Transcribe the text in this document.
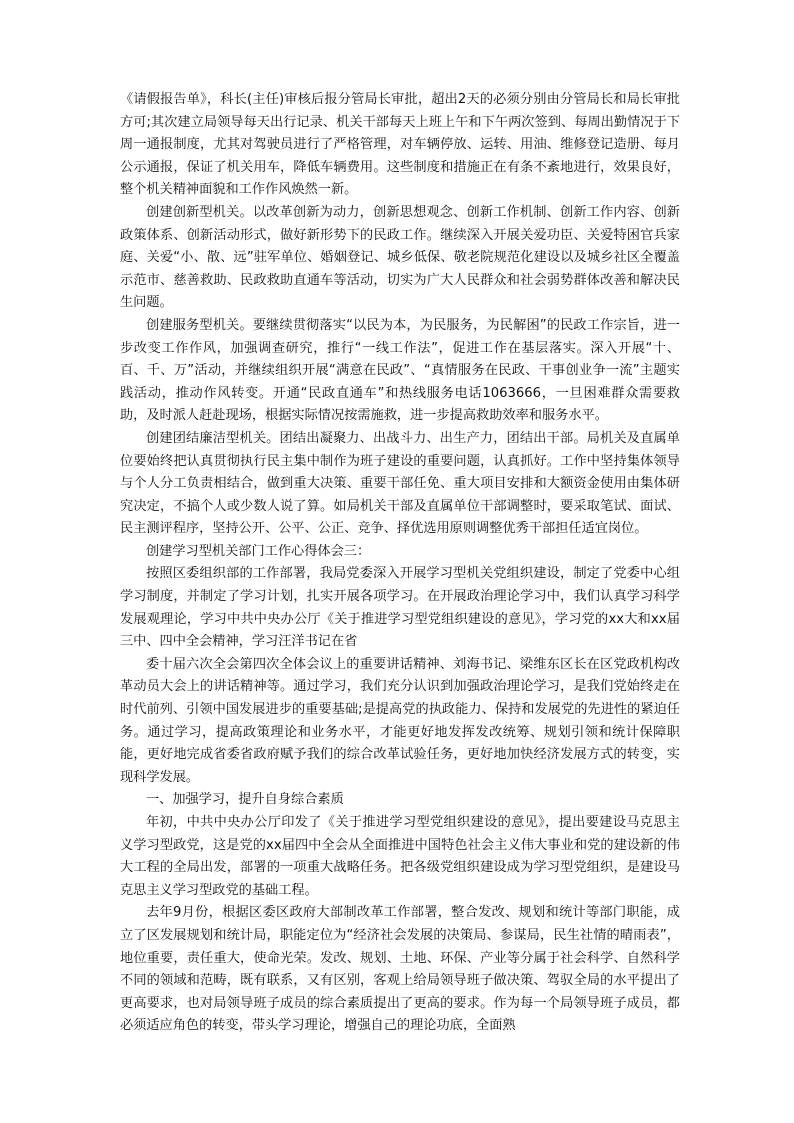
《请假报告单》，科长(主任)审核后报分管局长审批，超出2天的必须分别由分管局长和局长审批方可;其次建立局领导每天出行记录、机关干部每天上班上午和下午两次签到、每周出勤情况于下周一通报制度，尤其对驾驶员进行了严格管理，对车辆停放、运转、用油、维修登记造册、每月公示通报，保证了机关用车，降低车辆费用。这些制度和措施正在有条不紊地进行，效果良好，整个机关精神面貌和工作作风焕然一新。

创建创新型机关。以改革创新为动力，创新思想观念、创新工作机制、创新工作内容、创新政策体系、创新活动形式，做好新形势下的民政工作。继续深入开展关爱功臣、关爱特困官兵家庭、关爱“小、散、远”驻军单位、婚姻登记、城乡低保、敬老院规范化建设以及城乡社区全覆盖示范市、慈善救助、民政救助直通车等活动，切实为广大人民群众和社会弱势群体改善和解决民生问题。

创建服务型机关。要继续贯彻落实“以民为本，为民服务，为民解困”的民政工作宗旨，进一步改变工作作风，加强调查研究，推行“一线工作法”，促进工作在基层落实。深入开展“十、百、千、万”活动，并继续组织开展“满意在民政”、“真情服务在民政、干事创业争一流”主题实践活动，推动作风转变。开通“民政直通车”和热线服务电话1063666，一旦困难群众需要救助，及时派人赶赴现场，根据实际情况按需施救，进一步提高救助效率和服务水平。

创建团结廉洁型机关。团结出凝聚力、出战斗力、出生产力，团结出干部。局机关及直属单位要始终把认真贯彻执行民主集中制作为班子建设的重要问题，认真抓好。工作中坚持集体领导与个人分工负责相结合，做到重大决策、重要干部任免、重大项目安排和大额资金使用由集体研究决定，不搞个人或少数人说了算。如局机关干部及直属单位干部调整时，要采取笔试、面试、民主测评程序，坚持公开、公平、公正、竞争、择优选用原则调整优秀干部担任适宜岗位。

创建学习型机关部门工作心得体会三：

按照区委组织部的工作部署，我局党委深入开展学习型机关党组织建设，制定了党委中心组学习制度，并制定了学习计划，扎实开展各项学习。在开展政治理论学习中，我们认真学习科学发展观理论，学习中共中央办公厅《关于推进学习型党组织建设的意见》，学习党的xx大和xx届三中、四中全会精神，学习汪洋书记在省

委十届六次全会第四次全体会议上的重要讲话精神、刘海书记、梁维东区长在区党政机构改革动员大会上的讲话精神等。通过学习，我们充分认识到加强政治理论学习，是我们党始终走在时代前列、引领中国发展进步的重要基础;是提高党的执政能力、保持和发展党的先进性的紧迫任务。通过学习，提高政策理论和业务水平，才能更好地发挥发改统筹、规划引领和统计保障职能，更好地完成省委省政府赋予我们的综合改革试验任务，更好地加快经济发展方式的转变，实现科学发展。

一、加强学习，提升自身综合素质

年初，中共中央办公厅印发了《关于推进学习型党组织建设的意见》，提出要建设马克思主义学习型政党，这是党的xx届四中全会从全面推进中国特色社会主义伟大事业和党的建设新的伟大工程的全局出发，部署的一项重大战略任务。把各级党组织建设成为学习型党组织，是建设马克思主义学习型政党的基础工程。

去年9月份，根据区委区政府大部制改革工作部署，整合发改、规划和统计等部门职能，成立了区发展规划和统计局，职能定位为“经济社会发展的决策局、参谋局，民生社情的晴雨表”，地位重要，责任重大，使命光荣。发改、规划、土地、环保、产业等分属于社会科学、自然科学不同的领域和范畴，既有联系，又有区别，客观上给局领导班子做决策、驾驭全局的水平提出了更高要求，也对局领导班子成员的综合素质提出了更高的要求。作为每一个局领导班子成员，都必须适应角色的转变，带头学习理论，增强自己的理论功底，全面熟
